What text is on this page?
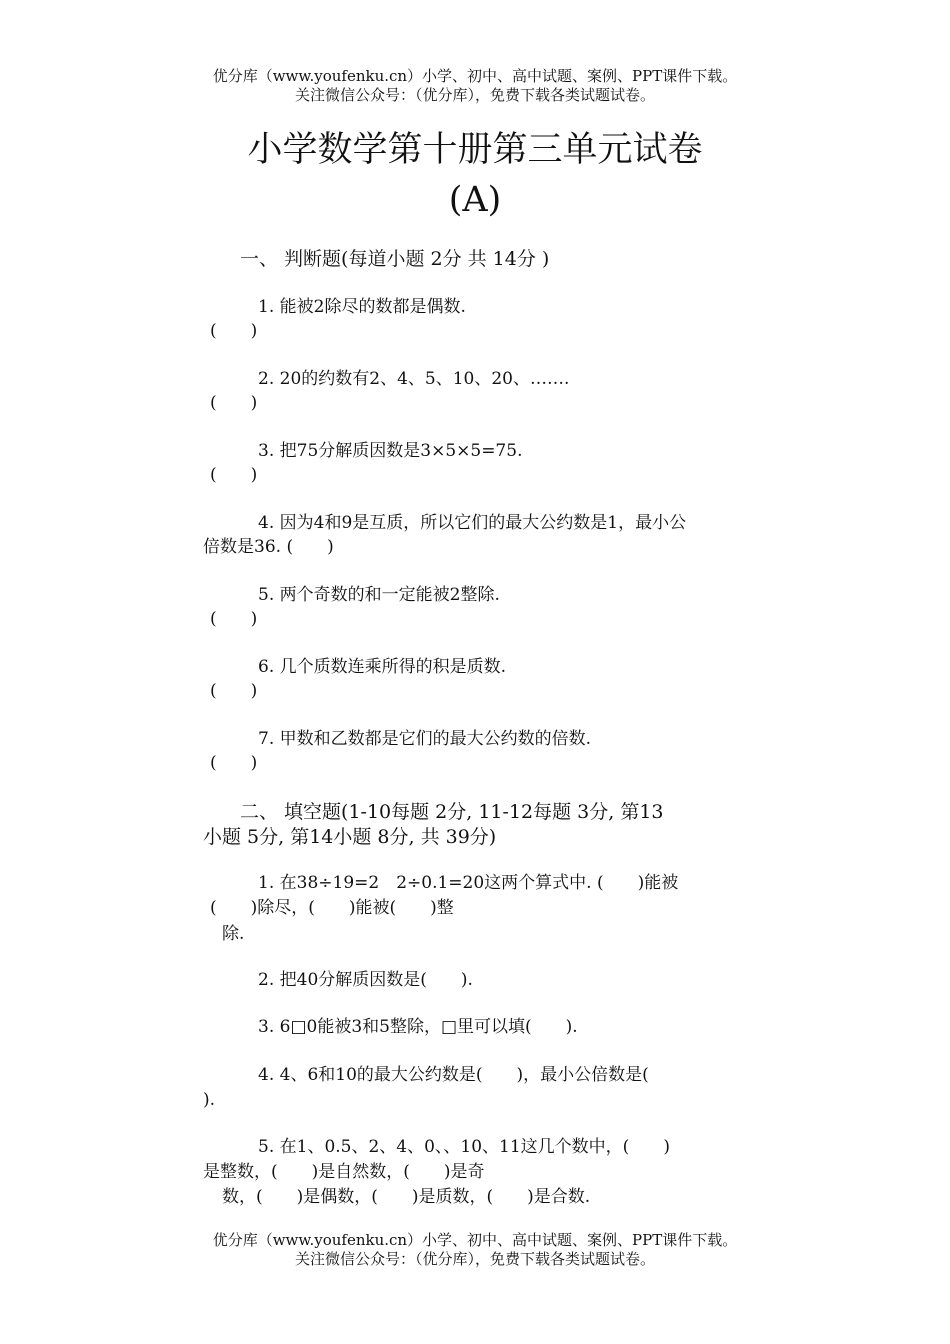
优分库（www.youfenku.cn）小学、初中、高中试题、案例、PPT课件下载。
关注微信公众号：（优分库），免费下载各类试题试卷。
小学数学第十册第三单元试卷
(A)
一、 判断题(每道小题 2分 共 14分 )
1. 能被2除尽的数都是偶数.
(　　)
2. 20的约数有2、4、5、10、20、…….
(　　)
3. 把75分解质因数是3×5×5=75.
(　　)
4. 因为4和9是互质，所以它们的最大公约数是1，最小公
倍数是36. (　　)
5. 两个奇数的和一定能被2整除.
(　　)
6. 几个质数连乘所得的积是质数.
(　　)
7. 甲数和乙数都是它们的最大公约数的倍数.
(　　)
二、 填空题(1-10每题 2分, 11-12每题 3分, 第13
小题 5分, 第14小题 8分, 共 39分)
1. 在38÷19=2　2÷0.1=20这两个算式中. (　　)能被
(　　)除尽，(　　)能被(　　)整
除.
2. 把40分解质因数是(　　).
3. 6□0能被3和5整除，□里可以填(　　).
4. 4、6和10的最大公约数是(　　)，最小公倍数是(
).
5. 在1、0.5、2、4、0、、10、11这几个数中，(　　)
是整数，(　　)是自然数，(　　)是奇
数，(　　)是偶数，(　　)是质数，(　　)是合数.
优分库（www.youfenku.cn）小学、初中、高中试题、案例、PPT课件下载。
关注微信公众号：（优分库），免费下载各类试题试卷。
